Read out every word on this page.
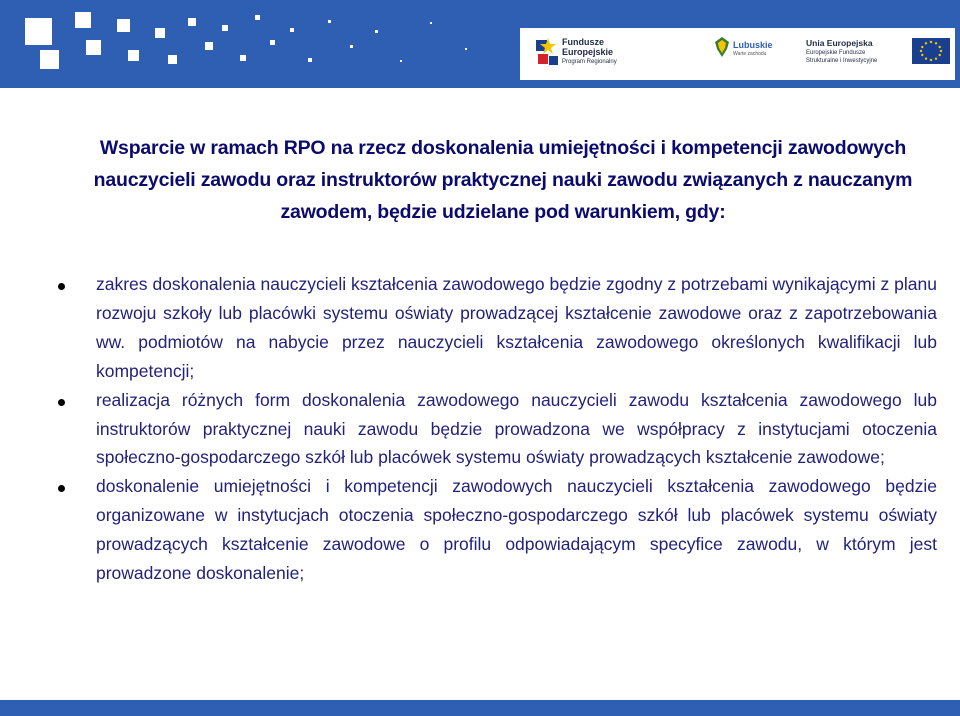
Fundusze
Europejskie
Program Regionalny
Lubuskie
Warte zachodu
Unia Europejska
Europejskie Fundusze
Strukturalne i Inwestycyjne
Wsparcie w ramach RPO na rzecz doskonalenia umiejętności i kompetencji zawodowych
nauczycieli zawodu oraz instruktorów praktycznej nauki zawodu związanych z nauczanym
zawodem, będzie udzielane pod warunkiem, gdy:
zakres doskonalenia nauczycieli kształcenia zawodowego będzie zgodny z potrzebami wynikającymi z planu rozwoju szkoły lub placówki systemu oświaty prowadzącej kształcenie zawodowe oraz z zapotrzebowania ww. podmiotów na nabycie przez nauczycieli kształcenia zawodowego określonych kwalifikacji lub kompetencji;
realizacja różnych form doskonalenia zawodowego nauczycieli zawodu kształcenia zawodowego lub instruktorów praktycznej nauki zawodu będzie prowadzona we współpracy z instytucjami otoczenia społeczno-gospodarczego szkół lub placówek systemu oświaty prowadzących kształcenie zawodowe;
doskonalenie umiejętności i kompetencji zawodowych nauczycieli kształcenia zawodowego będzie organizowane w instytucjach otoczenia społeczno-gospodarczego szkół lub placówek systemu oświaty prowadzących kształcenie zawodowe o profilu odpowiadającym specyfice zawodu, w którym jest prowadzone doskonalenie;
